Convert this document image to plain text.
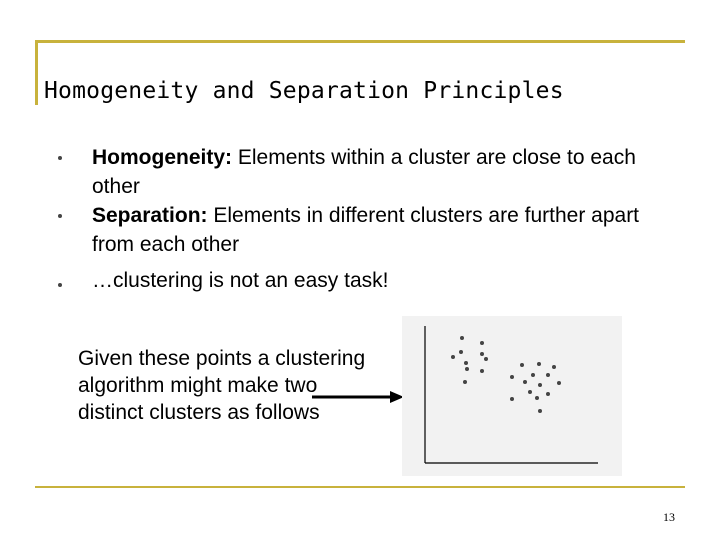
Homogeneity and Separation Principles
Homogeneity: Elements within a cluster are close to each other
Separation: Elements in different clusters are further apart from each other
…clustering is not an easy task!
Given these points a clustering algorithm might make two distinct clusters as follows
13
